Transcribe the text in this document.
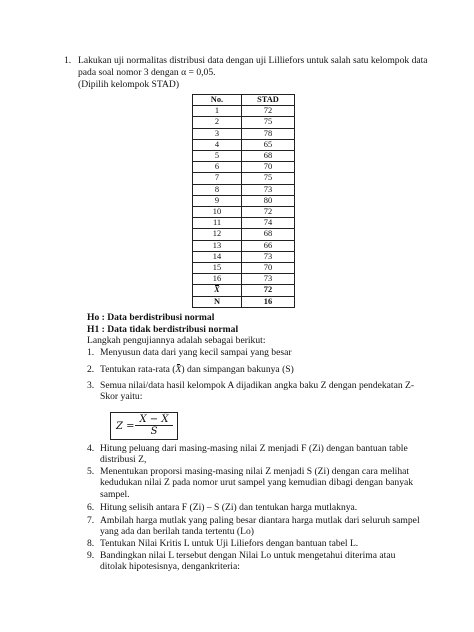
1. Lakukan uji normalitas distribusi data dengan uji Lilliefors untuk salah satu kelompok data
pada soal nomor 3 dengan α = 0,05.
(Dipilih kelompok STAD)
No.	STAD
1	72
2	75
3	78
4	65
5	68
6	70
7	75
8	73
9	80
10	72
11	74
12	68
13	66
14	73
15	70
16	73
X	72
N	16
Ho : Data berdistribusi normal
H1 : Data tidak berdistribusi normal
Langkah pengujiannya adalah sebagai berikut:
1. Menyusun data dari yang kecil sampai yang besar
2. Tentukan rata-rata (X) dan simpangan bakunya (S)
3. Semua nilai/data hasil kelompok A dijadikan angka baku Z dengan pendekatan Z-
Skor yaitu:
4. Hitung peluang dari masing-masing nilai Z menjadi F (Zi) dengan bantuan table
distribusi Z,
5. Menentukan proporsi masing-masing nilai Z menjadi S (Zi) dengan cara melihat
kedudukan nilai Z pada nomor urut sampel yang kemudian dibagi dengan banyak
sampel.
6. Hitung selisih antara F (Zi) – S (Zi) dan tentukan harga mutlaknya.
7. Ambilah harga mutlak yang paling besar diantara harga mutlak dari seluruh sampel
yang ada dan berilah tanda tertentu (Lo)
8. Tentukan Nilai Kritis L untuk Uji Liliefors dengan bantuan tabel L.
9. Bandingkan nilai L tersebut dengan Nilai Lo untuk mengetahui diterima atau
ditolak hipotesisnya, dengankriteria:
Z =
X − X̄
S
